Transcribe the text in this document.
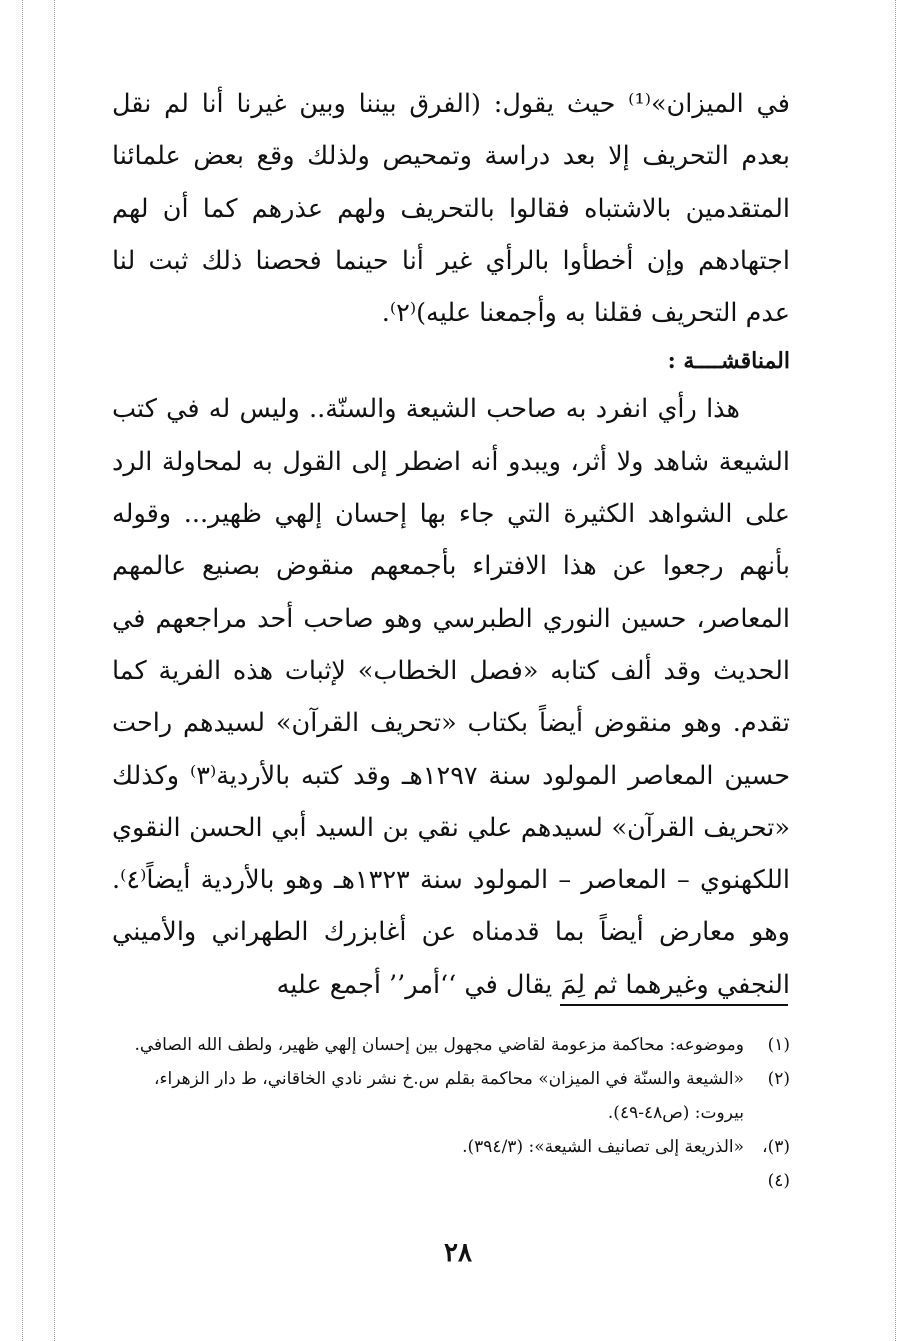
في الميزان»⁽¹⁾ حيث يقول: (الفرق بيننا وبين غيرنا أنا لم نقل بعدم التحريف إلا بعد دراسة وتمحيص ولذلك وقع بعض علمائنا المتقدمين بالاشتباه فقالوا بالتحريف ولهم عذرهم كما أن لهم اجتهادهم وإن أخطأوا بالرأي غير أنا حينما فحصنا ذلك ثبت لنا عدم التحريف فقلنا به وأجمعنا عليه)⁽٢⁾.

المناقشــــة :

هذا رأي انفرد به صاحب الشيعة والسنّة.. وليس له في كتب الشيعة شاهد ولا أثر، ويبدو أنه اضطر إلى القول به لمحاولة الرد على الشواهد الكثيرة التي جاء بها إحسان إلهي ظهير... وقوله بأنهم رجعوا عن هذا الافتراء بأجمعهم منقوض بصنيع عالمهم المعاصر، حسين النوري الطبرسي وهو صاحب أحد مراجعهم في الحديث وقد ألف كتابه «فصل الخطاب» لإثبات هذه الفرية كما تقدم. وهو منقوض أيضاً بكتاب «تحريف القرآن» لسيدهم راحت حسين المعاصر المولود سنة ١٢٩٧هـ وقد كتبه بالأردية⁽٣⁾ وكذلك «تحريف القرآن» لسيدهم علي نقي بن السيد أبي الحسن النقوي اللكهنوي – المعاصر – المولود سنة ١٣٢٣هـ وهو بالأردية أيضاً⁽٤⁾. وهو معارض أيضاً بما قدمناه عن أغابزرك الطهراني والأميني النجفي وغيرهما ثم لِمَ يقال في ‘‘أمر’’ أجمع عليه

(١)
وموضوعه: محاكمة مزعومة لقاضي مجهول بين إحسان إلهي ظهير، ولطف الله الصافي.
(٢)
«الشيعة والسنّة في الميزان» محاكمة بقلم س.خ نشر نادي الخاقاني، ط دار الزهراء، بيروت: (ص٤٨-٤٩).
(٣)، (٤)
«الذريعة إلى تصانيف الشيعة»: (٣٩٤/٣).
٢٨
